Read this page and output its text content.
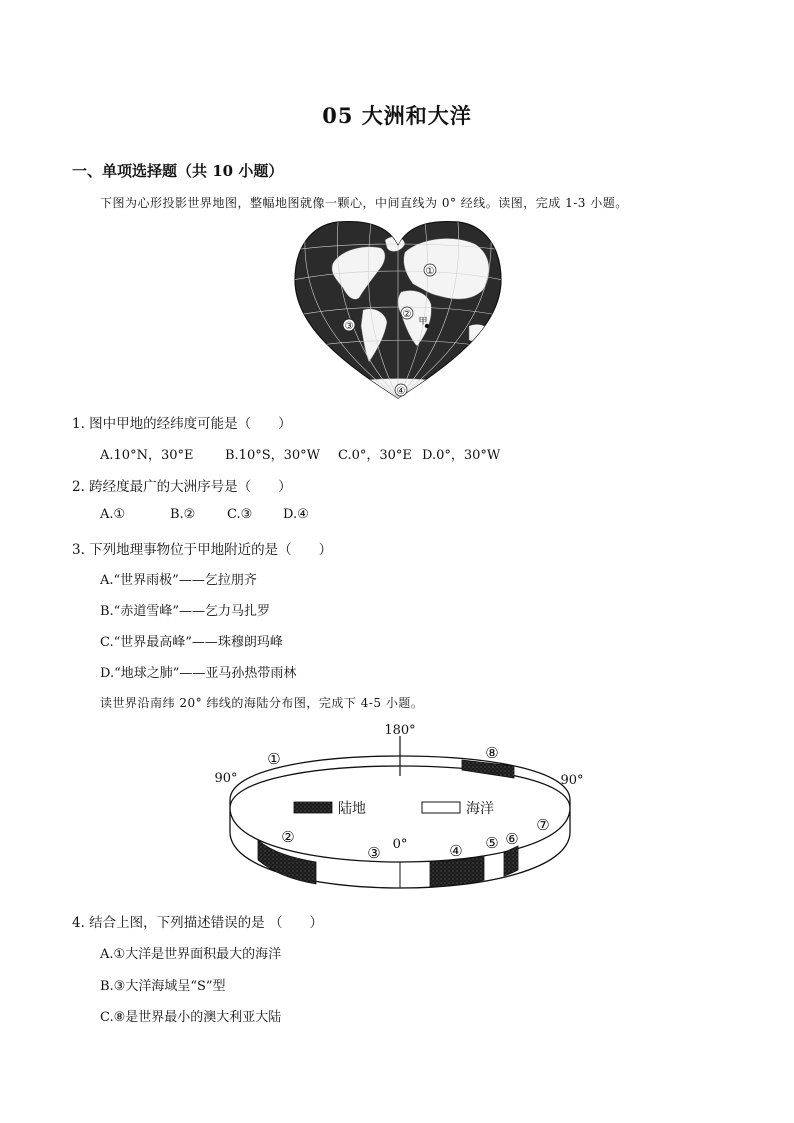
05 大洲和大洋
一、单项选择题（共 10 小题）
下图为心形投影世界地图，整幅地图就像一颗心，中间直线为 0° 经线。读图，完成 1-3 小题。
①
②
③
④
甲
1. 图中甲地的经纬度可能是（　　）
A.10°N，30°E B.10°S，30°W C.0°，30°E D.0°，30°W
2. 跨经度最广的大洲序号是（　　）
A.①	B.② C.③ D.④
3. 下列地理事物位于甲地附近的是（　　）
A.“世界雨极”——乞拉朋齐
B.“赤道雪峰”——乞力马扎罗
C.“世界最高峰”——珠穆朗玛峰
D.“地球之肺”——亚马孙热带雨林
读世界沿南纬 20° 纬线的海陆分布图，完成下 4-5 小题。
陆地	海洋
180°
90°	90°
0°
①
②
③	④ ⑤ ⑥
⑦
⑧
4. 结合上图，下列描述错误的是 （　　）
A.①大洋是世界面积最大的海洋
B.③大洋海域呈“S”型
C.⑧是世界最小的澳大利亚大陆
